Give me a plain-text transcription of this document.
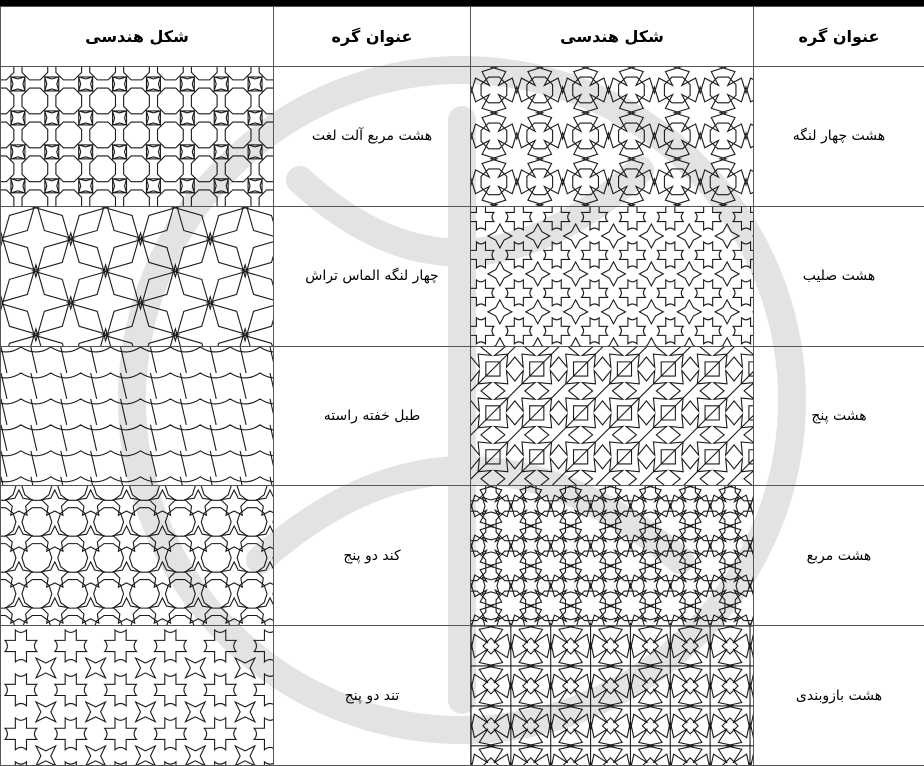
عنوان گره	شکل هندسی	عنوان گره	شکل هندسی
هشت چهار لنگه		هشت مربع آلت لغت	

هشت صلیب		چهار لنگه الماس تراش	

هشت پنج		طبل خفته راسته	

هشت مربع		کند دو پنج	

هشت بازوبندی		تند دو پنج	
